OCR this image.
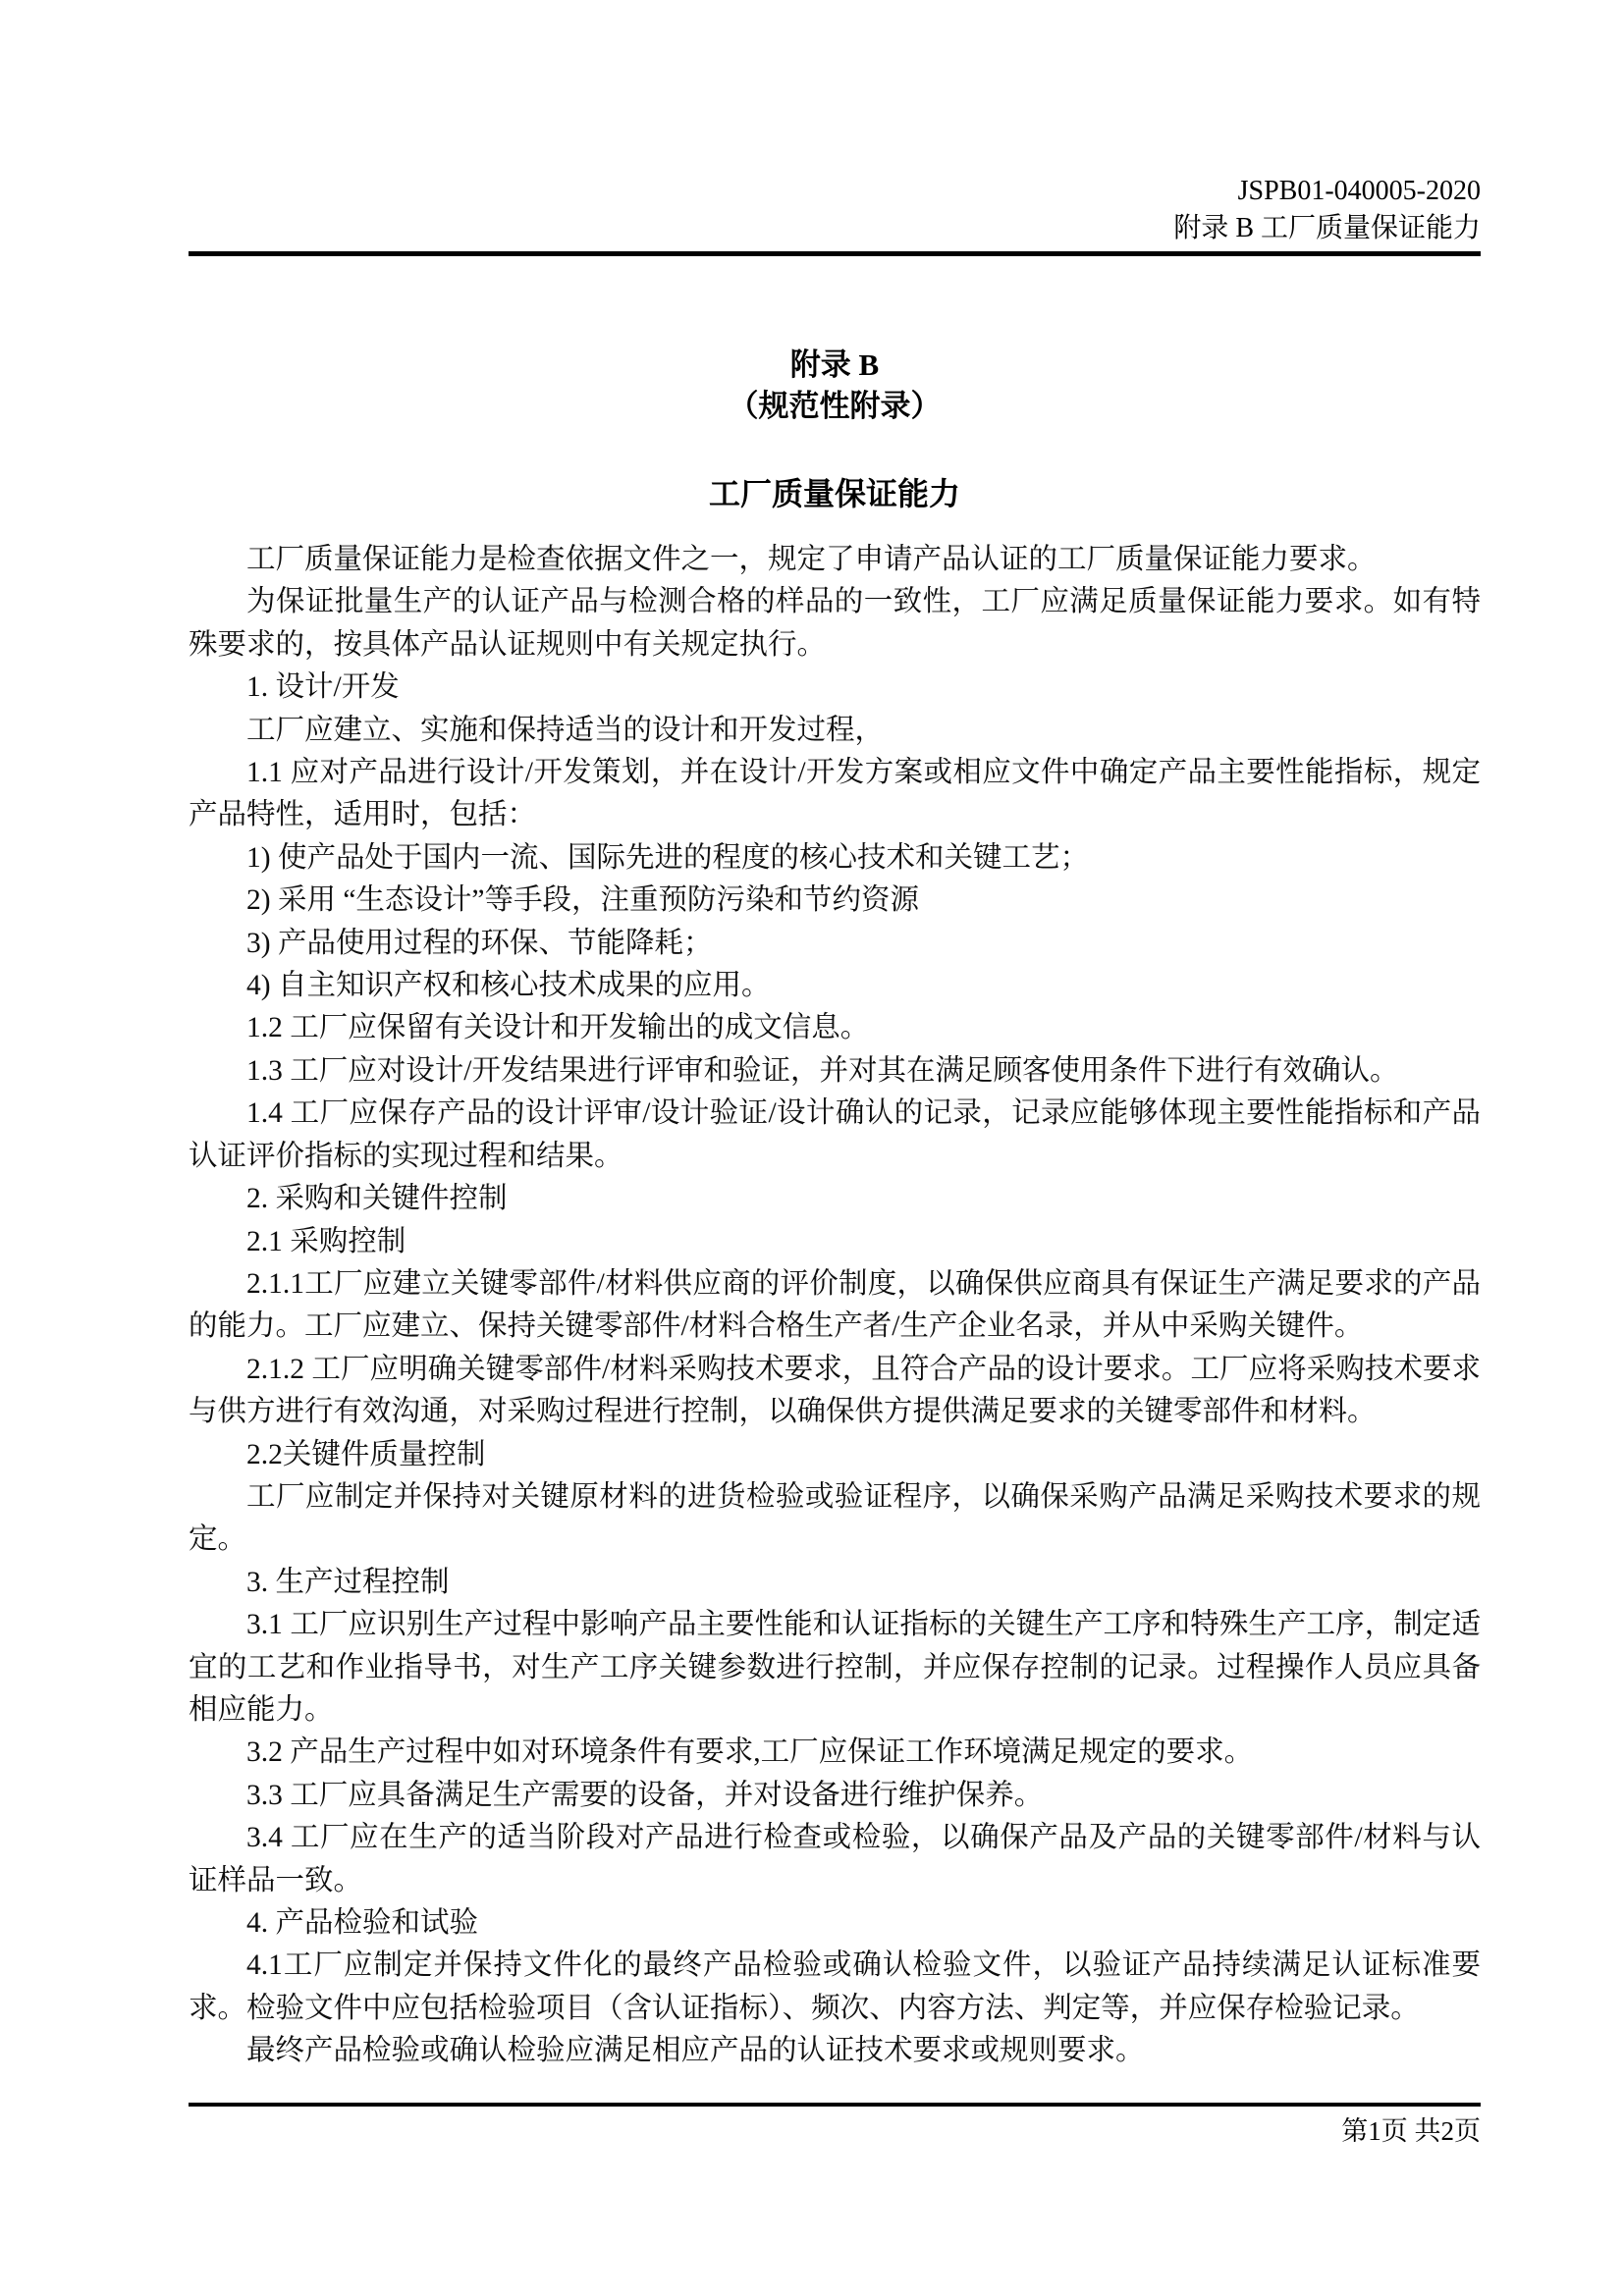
JSPB01-040005-2020
附录 B 工厂质量保证能力
附录 B
（规范性附录）
工厂质量保证能力

工厂质量保证能力是检查依据文件之一，规定了申请产品认证的工厂质量保证能力要求。

为保证批量生产的认证产品与检测合格的样品的一致性，工厂应满足质量保证能力要求。如有特殊要求的，按具体产品认证规则中有关规定执行。

1. 设计/开发

工厂应建立、实施和保持适当的设计和开发过程，

1.1 应对产品进行设计/开发策划，并在设计/开发方案或相应文件中确定产品主要性能指标，规定产品特性，适用时，包括：

1) 使产品处于国内一流、国际先进的程度的核心技术和关键工艺；

2) 采用 “生态设计”等手段，注重预防污染和节约资源

3) 产品使用过程的环保、节能降耗；

4) 自主知识产权和核心技术成果的应用。

1.2 工厂应保留有关设计和开发输出的成文信息。

1.3 工厂应对设计/开发结果进行评审和验证，并对其在满足顾客使用条件下进行有效确认。

1.4 工厂应保存产品的设计评审/设计验证/设计确认的记录，记录应能够体现主要性能指标和产品认证评价指标的实现过程和结果。

2. 采购和关键件控制

2.1 采购控制

2.1.1工厂应建立关键零部件/材料供应商的评价制度，以确保供应商具有保证生产满足要求的产品的能力。工厂应建立、保持关键零部件/材料合格生产者/生产企业名录，并从中采购关键件。

2.1.2 工厂应明确关键零部件/材料采购技术要求，且符合产品的设计要求。工厂应将采购技术要求与供方进行有效沟通，对采购过程进行控制，以确保供方提供满足要求的关键零部件和材料。

2.2关键件质量控制

工厂应制定并保持对关键原材料的进货检验或验证程序，以确保采购产品满足采购技术要求的规定。

3. 生产过程控制

3.1 工厂应识别生产过程中影响产品主要性能和认证指标的关键生产工序和特殊生产工序，制定适宜的工艺和作业指导书，对生产工序关键参数进行控制，并应保存控制的记录。过程操作人员应具备相应能力。

3.2 产品生产过程中如对环境条件有要求,工厂应保证工作环境满足规定的要求。

3.3 工厂应具备满足生产需要的设备，并对设备进行维护保养。

3.4 工厂应在生产的适当阶段对产品进行检查或检验，以确保产品及产品的关键零部件/材料与认证样品一致。

4. 产品检验和试验

4.1工厂应制定并保持文件化的最终产品检验或确认检验文件，以验证产品持续满足认证标准要求。检验文件中应包括检验项目（含认证指标）、频次、内容方法、判定等，并应保存检验记录。

最终产品检验或确认检验应满足相应产品的认证技术要求或规则要求。

第1页 共2页
